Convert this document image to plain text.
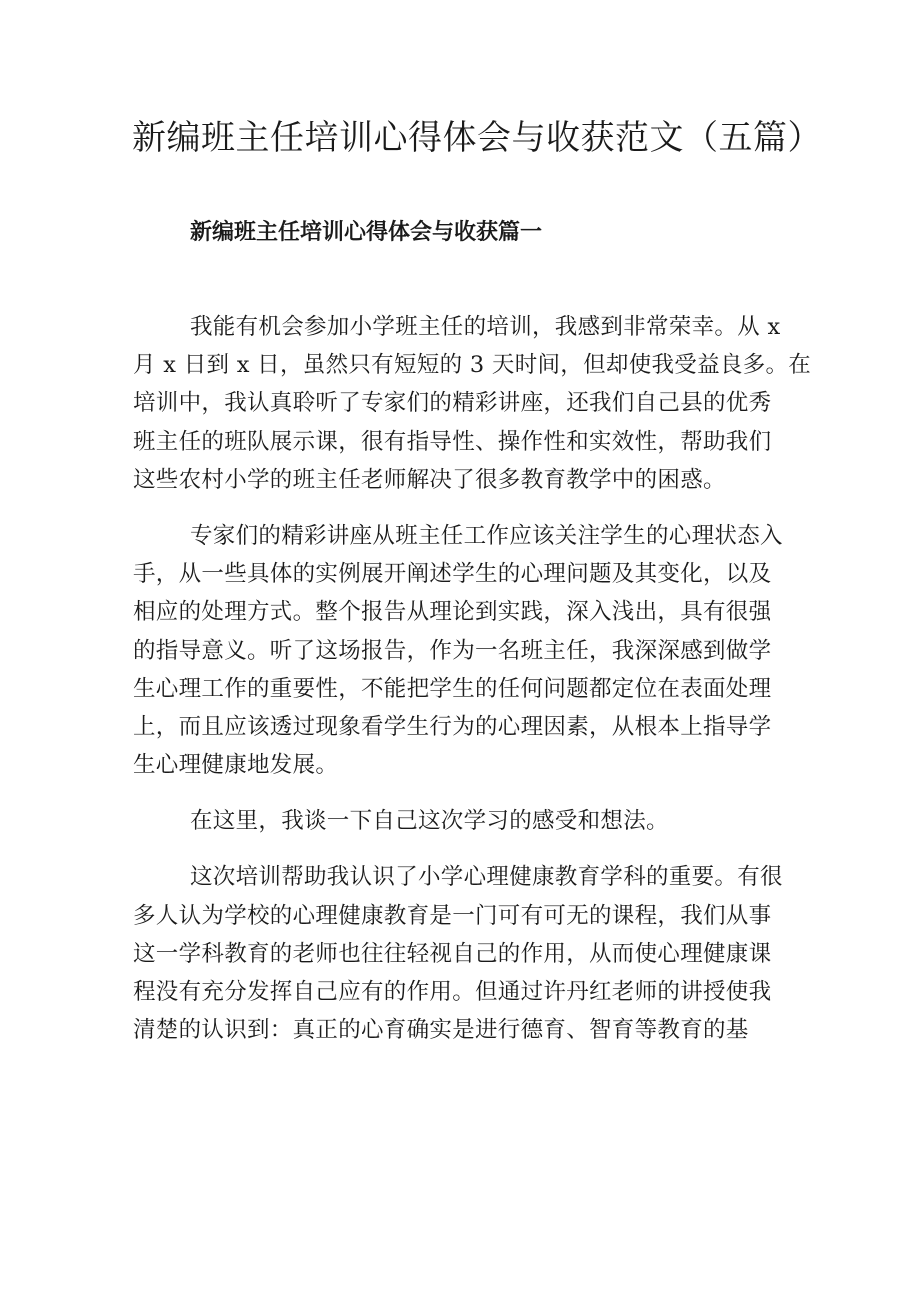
新编班主任培训心得体会与收获范文（五篇）
新编班主任培训心得体会与收获篇一
我能有机会参加小学班主任的培训，我感到非常荣幸。从 x
月 x 日到 x 日，虽然只有短短的 3 天时间，但却使我受益良多。在
培训中，我认真聆听了专家们的精彩讲座，还我们自己县的优秀
班主任的班队展示课，很有指导性、操作性和实效性，帮助我们
这些农村小学的班主任老师解决了很多教育教学中的困惑。
专家们的精彩讲座从班主任工作应该关注学生的心理状态入
手，从一些具体的实例展开阐述学生的心理问题及其变化，以及
相应的处理方式。整个报告从理论到实践，深入浅出，具有很强
的指导意义。听了这场报告，作为一名班主任，我深深感到做学
生心理工作的重要性，不能把学生的任何问题都定位在表面处理
上，而且应该透过现象看学生行为的心理因素，从根本上指导学
生心理健康地发展。
在这里，我谈一下自己这次学习的感受和想法。
这次培训帮助我认识了小学心理健康教育学科的重要。有很
多人认为学校的心理健康教育是一门可有可无的课程，我们从事
这一学科教育的老师也往往轻视自己的作用，从而使心理健康课
程没有充分发挥自己应有的作用。但通过许丹红老师的讲授使我
清楚的认识到：真正的心育确实是进行德育、智育等教育的基
